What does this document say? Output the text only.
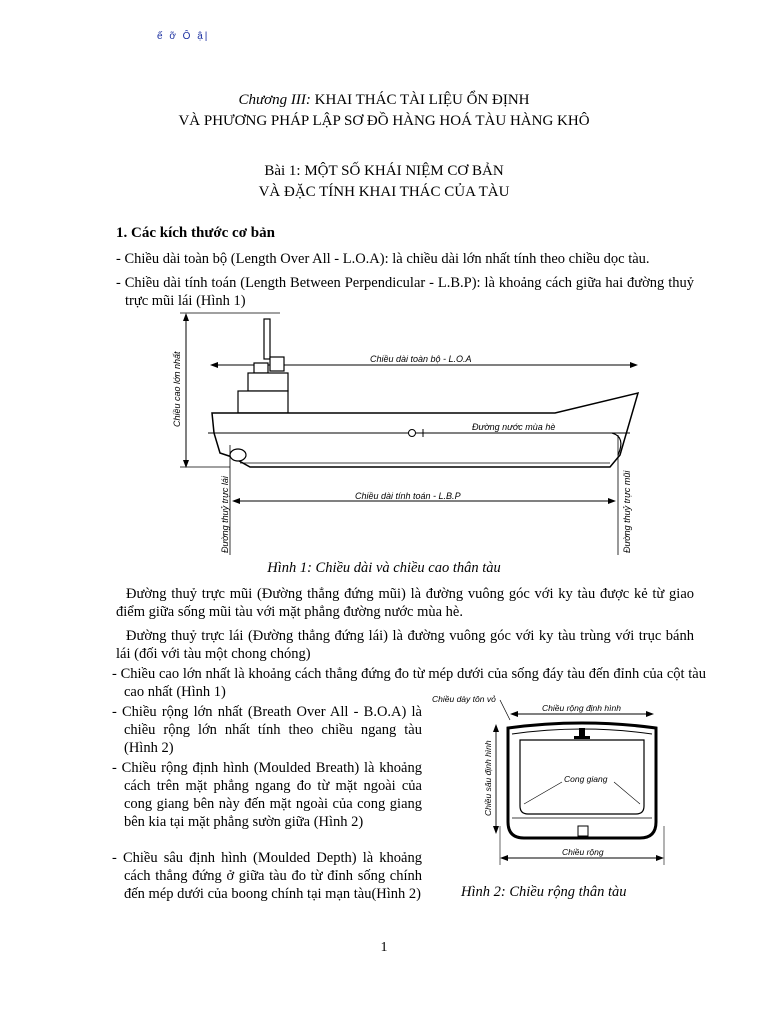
ế ỡ Ô ậ|
Chương III: KHAI THÁC TÀI LIỆU ỔN ĐỊNH
VÀ PHƯƠNG PHÁP LẬP SƠ ĐỒ HÀNG HOÁ TÀU HÀNG KHÔ
Bài 1: MỘT SỐ KHÁI NIỆM CƠ BẢN
VÀ ĐẶC TÍNH KHAI THÁC CỦA TÀU
1. Các kích thước cơ bản
- Chiều dài toàn bộ (Length Over All - L.O.A): là chiều dài lớn nhất tính theo chiều dọc tàu.
- Chiều dài tính toán (Length Between Perpendicular - L.B.P): là khoảng cách giữa hai đường thuỷ trực mũi lái (Hình 1)
Chiều cao lớn nhất	Chiều dài toàn bộ - L.O.A
Đường nước mùa hè
Chiều dài tính toán - L.B.P
Đường thuỷ trực lái	Đường thuỷ trực mũi
Hình 1: Chiều dài và chiều cao thân tàu
Đường thuỷ trực mũi (Đường thẳng đứng mũi) là đường vuông góc với ky tàu được kẻ từ giao điểm giữa sống mũi tàu với mặt phẳng đường nước mùa hè.
Đường thuỷ trực lái (Đường thẳng đứng lái) là đường vuông góc với ky tàu trùng với trục bánh lái (đối với tàu một chong chóng)
- Chiều cao lớn nhất là khoảng cách thẳng đứng đo từ mép dưới của sống đáy tàu đến đỉnh của cột tàu cao nhất (Hình 1)
- Chiều rộng lớn nhất (Breath Over All - B.O.A) là chiều rộng lớn nhất tính theo chiều ngang tàu (Hình 2)
- Chiều rộng định hình (Moulded Breath) là khoảng cách trên mặt phẳng ngang đo từ mặt ngoài của cong giang bên này đến mặt ngoài của cong giang bên kia tại mặt phẳng sườn giữa (Hình 2)
- Chiều sâu định hình (Moulded Depth) là khoảng cách thẳng đứng ở giữa tàu đo từ đỉnh sống chính đến mép dưới của boong chính tại mạn tàu(Hình 2)
Chiều dày tôn vỏ
Chiều rộng định hình
Chiều sâu định hình	Cong giang
Chiều rộng
Hình 2: Chiều rộng thân tàu
1
